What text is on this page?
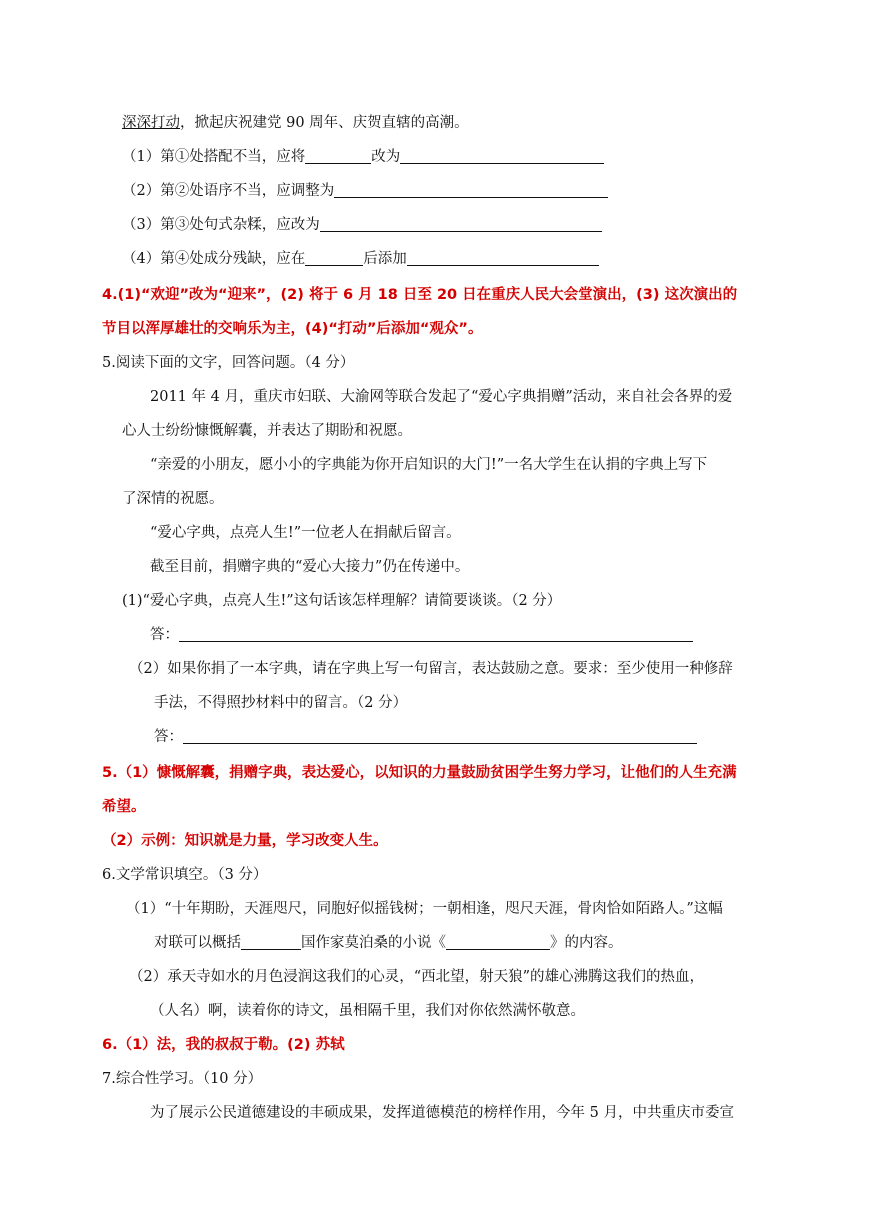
深深打动，掀起庆祝建党 90 周年、庆贺直辖的高潮。
（1）第①处搭配不当，应将	改为
（2）第②处语序不当，应调整为
（3）第③处句式杂糅，应改为
（4）第④处成分残缺，应在	后添加
4.(1)“欢迎”改为“迎来”，(2) 将于 6 月 18 日至 20 日在重庆人民大会堂演出，(3) 这次演出的
节目以浑厚雄壮的交响乐为主，(4)“打动”后添加“观众”。
5.阅读下面的文字，回答问题。（4 分）
2011 年 4 月，重庆市妇联、大渝网等联合发起了“爱心字典捐赠”活动，来自社会各界的爱
心人士纷纷慷慨解囊，并表达了期盼和祝愿。
“亲爱的小朋友，愿小小的字典能为你开启知识的大门!”一名大学生在认捐的字典上写下
了深情的祝愿。
“爱心字典，点亮人生!”一位老人在捐献后留言。
截至目前，捐赠字典的“爱心大接力”仍在传递中。
(1)“爱心字典，点亮人生!”这句话该怎样理解？请简要谈谈。（2 分）
答：
（2）如果你捐了一本字典，请在字典上写一句留言，表达鼓励之意。要求：至少使用一种修辞
手法，不得照抄材料中的留言。（2 分）
答：
5.（1）慷慨解囊，捐赠字典，表达爱心，以知识的力量鼓励贫困学生努力学习，让他们的人生充满
希望。
（2）示例：知识就是力量，学习改变人生。
6.文学常识填空。（3 分）
（1）“十年期盼，天涯咫尺，同胞好似摇钱树；一朝相逢，咫尺天涯，骨肉恰如陌路人。”这幅
对联可以概括	国作家莫泊桑的小说《	》的内容。
（2）承天寺如水的月色浸润这我们的心灵，“西北望，射天狼”的雄心沸腾这我们的热血，
（人名）啊，读着你的诗文，虽相隔千里，我们对你依然满怀敬意。
6.（1）法，我的叔叔于勒。(2) 苏轼
7.综合性学习。（10 分）
为了展示公民道德建设的丰硕成果，发挥道德模范的榜样作用，今年 5 月，中共重庆市委宣
